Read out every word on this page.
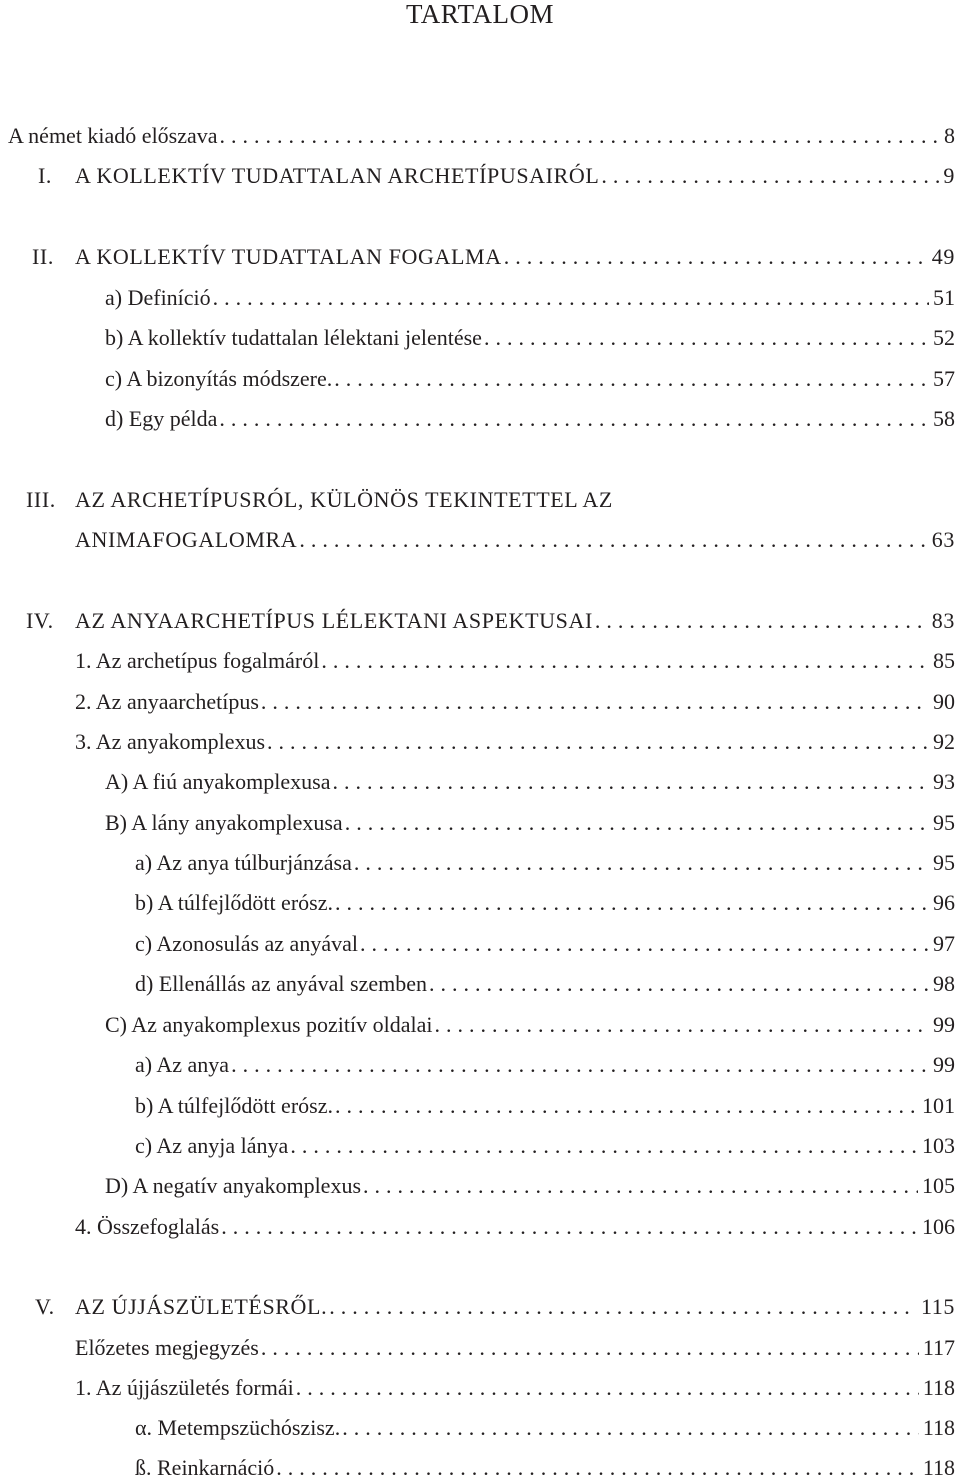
TARTALOM
A német kiadó előszava . . .	8
I. A KOLLEKTÍV TUDATTALAN ARCHETÍPUSAIRÓL . . .	9
II. A KOLLEKTÍV TUDATTALAN FOGALMA . . .	49
a) Definíció . . .	51
b) A kollektív tudattalan lélektani jelentése . . .	52
c) A bizonyítás módszere. . . .	57
d) Egy példa . . .	58
III. AZ ARCHETÍPUSRÓL, KÜLÖNÖS TEKINTETTEL AZ
ANIMAFOGALOMRA . . .	63
IV. AZ ANYAARCHETÍPUS LÉLEKTANI ASPEKTUSAI . . .	83
1. Az archetípus fogalmáról . . .	85
2. Az anyaarchetípus . . .	90
3. Az anyakomplexus . . .	92
A) A fiú anyakomplexusa . . .	93
B) A lány anyakomplexusa . . .	95
a) Az anya túlburjánzása . . .	95
b) A túlfejlődött erósz. . . .	96
c) Azonosulás az anyával . . .	97
d) Ellenállás az anyával szemben . . .	98
C) Az anyakomplexus pozitív oldalai . . .	99
a) Az anya . . .	99
b) A túlfejlődött erósz. . . .	101
c) Az anyja lánya . . .	103
D) A negatív anyakomplexus . . .	105
4. Összefoglalás . . .	106
V. AZ ÚJJÁSZÜLETÉSRŐL. . . .	115
Előzetes megjegyzés . . .	117
1. Az újjászületés formái . . .	118
α. Metempszüchószisz. . . .	118
ß. Reinkarnáció . . .	118
